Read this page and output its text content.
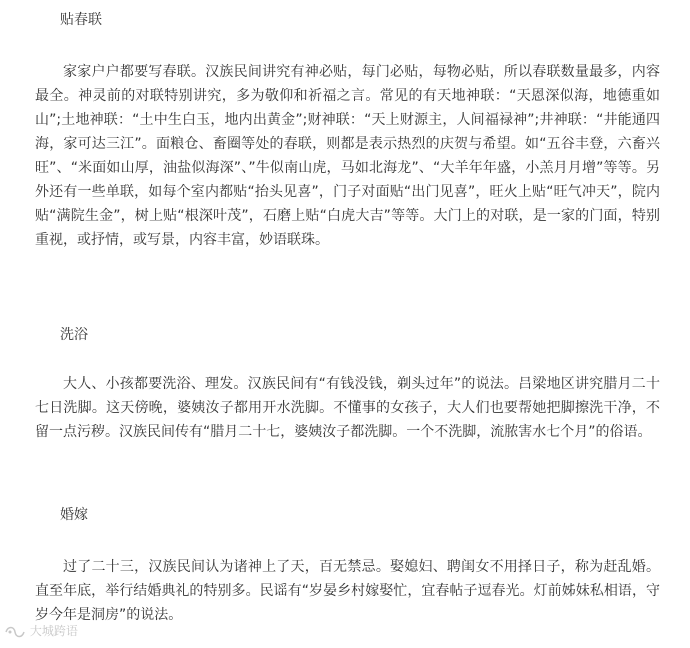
贴春联

家家户户都要写春联。汉族民间讲究有神必贴，每门必贴，每物必贴，所以春联数量最多，内容最全。神灵前的对联特别讲究，多为敬仰和祈福之言。常见的有天地神联：“天恩深似海，地德重如山”;土地神联：“土中生白玉，地内出黄金”;财神联：“天上财源主，人间福禄神”;井神联：“井能通四海，家可达三江”。面粮仓、畜圈等处的春联，则都是表示热烈的庆贺与希望。如“五谷丰登，六畜兴旺”、“米面如山厚，油盐似海深”、”牛似南山虎，马如北海龙”、“大羊年年盛，小羔月月增”等等。另外还有一些单联，如每个室内都贴“抬头见喜”，门子对面贴“出门见喜”，旺火上贴“旺气冲天”，院内贴“满院生金”，树上贴“根深叶茂”，石磨上贴“白虎大吉”等等。大门上的对联，是一家的门面，特别重视，或抒情，或写景，内容丰富，妙语联珠。

洗浴

大人、小孩都要洗浴、理发。汉族民间有“有钱没钱，剃头过年”的说法。吕梁地区讲究腊月二十七日洗脚。这天傍晚，婆姨汝子都用开水洗脚。不懂事的女孩子，大人们也要帮她把脚擦洗干净，不留一点污秽。汉族民间传有“腊月二十七，婆姨汝子都洗脚。一个不洗脚，流脓害水七个月”的俗语。

婚嫁

过了二十三，汉族民间认为诸神上了天，百无禁忌。娶媳妇、聘闺女不用择日子，称为赶乱婚。直至年底，举行结婚典礼的特别多。民谣有“岁晏乡村嫁娶忙，宜春帖子逗春光。灯前姊妹私相语，守岁今年是洞房”的说法。

大城跨语
